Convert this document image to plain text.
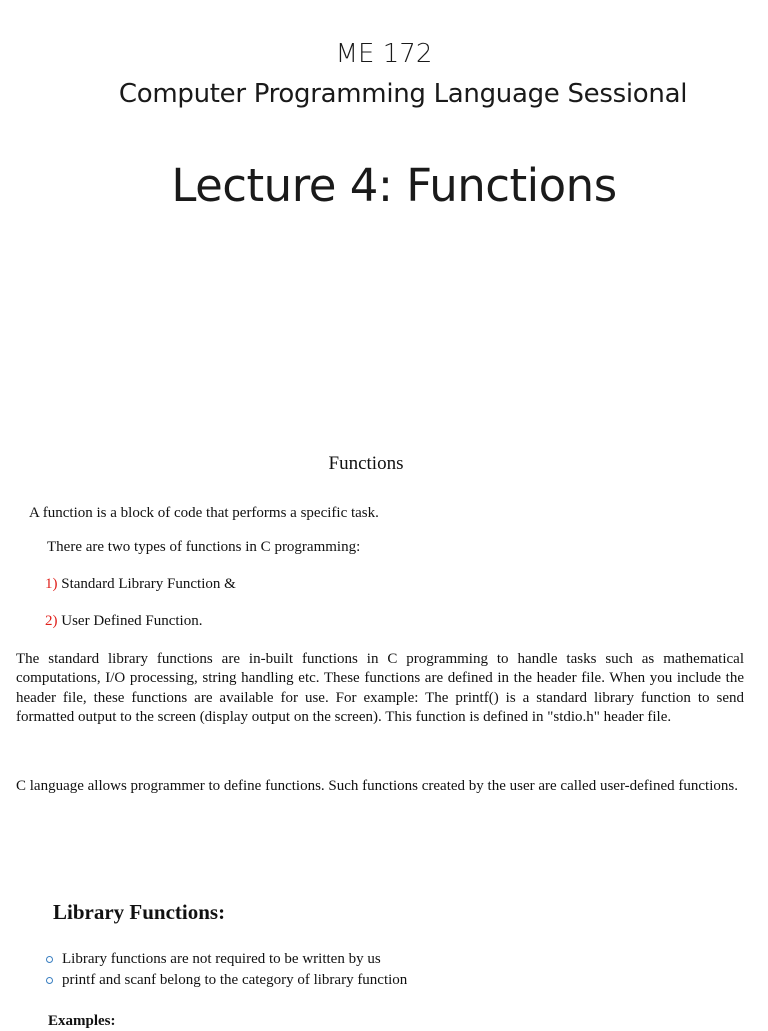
ME 172
Computer Programming Language Sessional
Lecture 4: Functions
Functions
A function is a block of code that performs a specific task.
There are two types of functions in C programming:
1) Standard Library Function &
2) User Defined Function.
The standard library functions are in-built functions in C programming to handle tasks such as mathematical computations, I/O processing, string handling etc. These functions are defined in the header file. When you include the header file, these functions are available for use. For example: The printf() is a standard library function to send formatted output to the screen (display output on the screen). This function is defined in "stdio.h" header file.
C language allows programmer to define functions. Such functions created by the user are called user-defined functions.
Library Functions:
Library functions are not required to be written by us
printf and scanf belong to the category of library function
Examples:
